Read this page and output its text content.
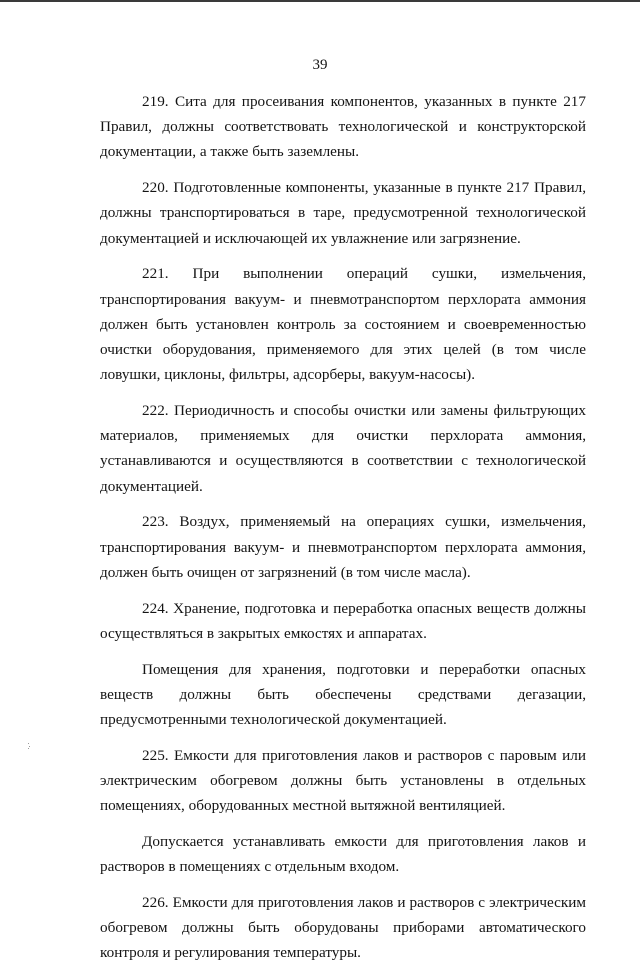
39

219. Сита для просеивания компонентов, указанных в пункте 217 Правил, должны соответствовать технологической и конструкторской документации, а также быть заземлены.

220. Подготовленные компоненты, указанные в пункте 217 Правил, должны транспортироваться в таре, предусмотренной технологической документацией и исключающей их увлажнение или загрязнение.

221. При выполнении операций сушки, измельчения, транспортирования вакуум- и пневмотранспортом перхлората аммония должен быть установлен контроль за состоянием и своевременностью очистки оборудования, применяемого для этих целей (в том числе ловушки, циклоны, фильтры, адсорберы, вакуум-насосы).

222. Периодичность и способы очистки или замены фильтрующих материалов, применяемых для очистки перхлората аммония, устанавливаются и осуществляются в соответствии с технологической документацией.

223. Воздух, применяемый на операциях сушки, измельчения, транспортирования вакуум- и пневмотранспортом перхлората аммония, должен быть очищен от загрязнений (в том числе масла).

224. Хранение, подготовка и переработка опасных веществ должны осуществляться в закрытых емкостях и аппаратах.

Помещения для хранения, подготовки и переработки опасных веществ должны быть обеспечены средствами дегазации, предусмотренными технологической документацией.

225. Емкости для приготовления лаков и растворов с паровым или электрическим обогревом должны быть установлены в отдельных помещениях, оборудованных местной вытяжной вентиляцией.

Допускается устанавливать емкости для приготовления лаков и растворов в помещениях с отдельным входом.

226. Емкости для приготовления лаков и растворов с электрическим обогревом должны быть оборудованы приборами автоматического контроля и регулирования температуры.
